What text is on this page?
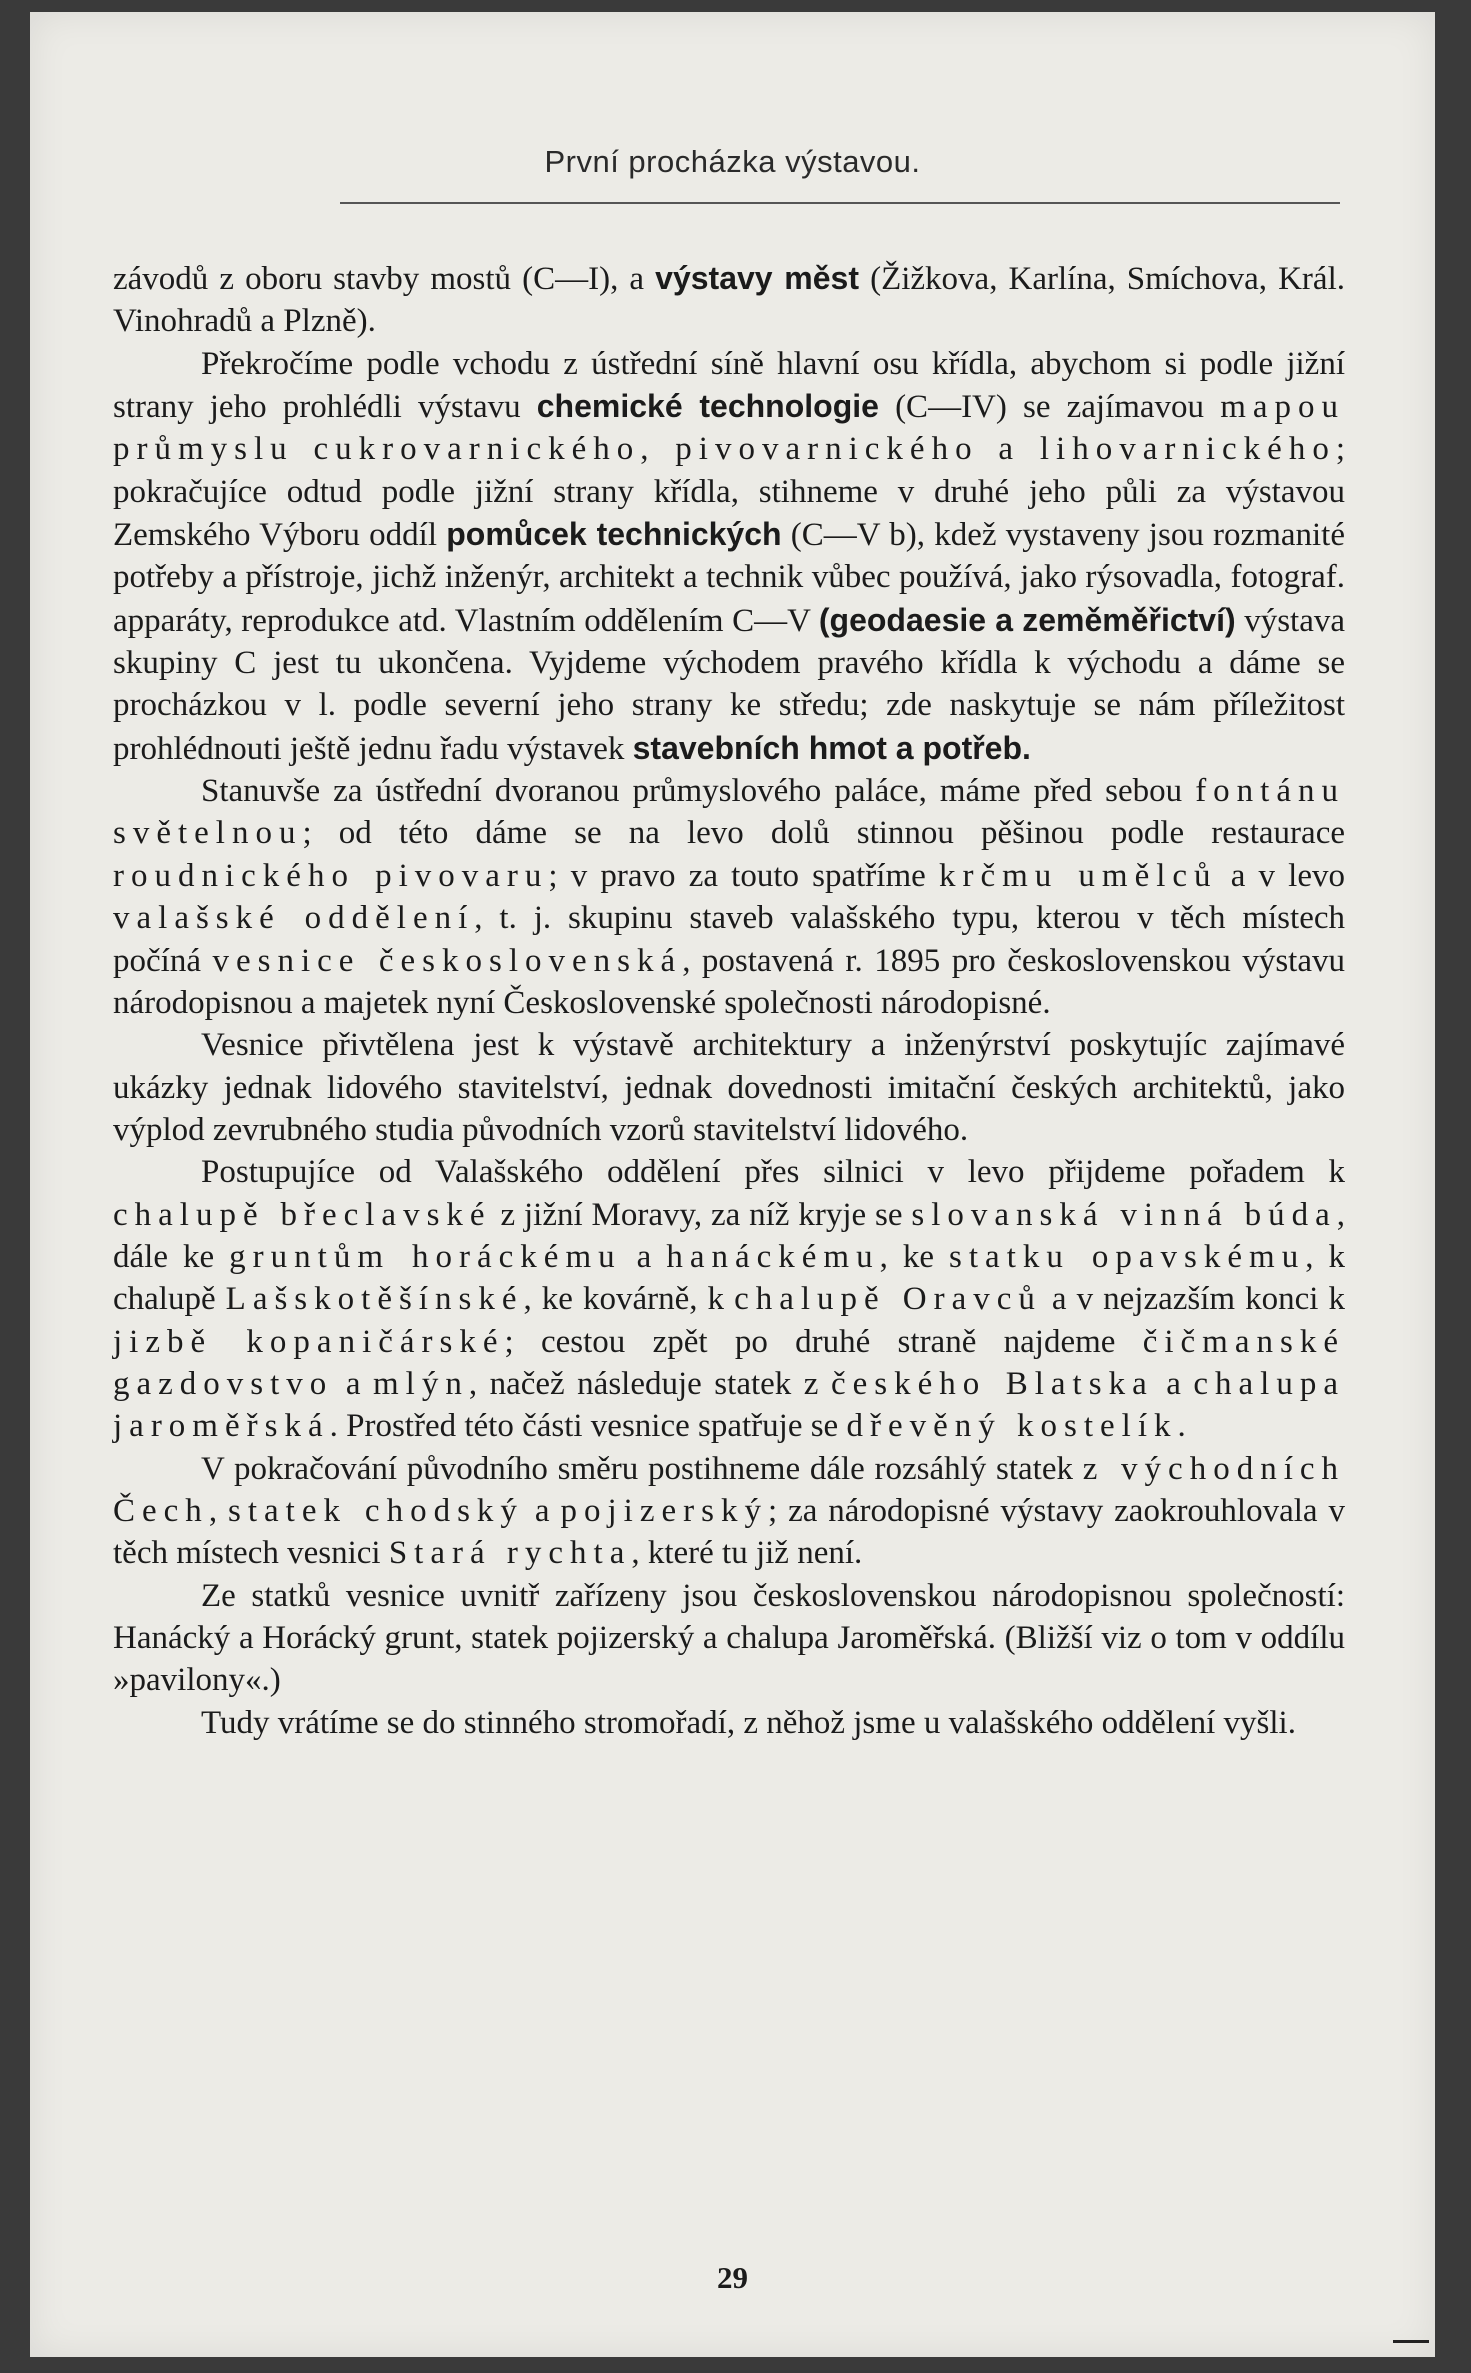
První procházka výstavou.

závodů z oboru stavby mostů (C—I), a výstavy měst (Žižkova, Karlína, Smíchova, Král. Vinohradů a Plzně).

Překročíme podle vchodu z ústřední síně hlavní osu křídla, abychom si podle jižní strany jeho prohlédli výstavu chemické technologie (C—IV) se zajímavou mapou průmyslu cukrovarnického, pivovarnického a lihovarnického; pokračujíce odtud podle jižní strany křídla, stihneme v druhé jeho půli za výstavou Zemského Výboru oddíl pomůcek technických (C—V b), kdež vystaveny jsou rozmanité potřeby a přístroje, jichž inženýr, architekt a technik vůbec používá, jako rýsovadla, fotograf. apparáty, reprodukce atd. Vlastním oddělením C—V (geodaesie a zeměměřictví) výstava skupiny C jest tu ukončena. Vyjdeme východem pravého křídla k východu a dáme se procházkou v l. podle severní jeho strany ke středu; zde naskytuje se nám příležitost prohlédnouti ještě jednu řadu výstavek stavebních hmot a potřeb.

Stanuvše za ústřední dvoranou průmyslového paláce, máme před sebou fontánu světelnou; od této dáme se na levo dolů stinnou pěšinou podle restaurace roudnického pivovaru; v pravo za touto spatříme krčmu umělců a v levo valašské oddělení, t. j. skupinu staveb valašského typu, kterou v těch místech počíná vesnice československá, postavená r. 1895 pro československou výstavu národopisnou a majetek nyní Československé společnosti národopisné.

Vesnice přivtělena jest k výstavě architektury a inženýrství poskytujíc zajímavé ukázky jednak lidového stavitelství, jednak dovednosti imitační českých architektů, jako výplod zevrubného studia původních vzorů stavitelství lidového.

Postupujíce od Valašského oddělení přes silnici v levo přijdeme pořadem k chalupě břeclavské z jižní Moravy, za níž kryje se slovanská vinná búda, dále ke gruntům horáckému a hanáckému, ke statku opavskému, k chalupě Lašskotěšínské, ke kovárně, k chalupě Oravců a v nejzazším konci k jizbě kopaničárské; cestou zpět po druhé straně najdeme čičmanské gazdovstvo a mlýn, načež následuje statek z českého Blatska a chalupa jaroměřská. Prostřed této části vesnice spatřuje se dřevěný kostelík.

V pokračování původního směru postihneme dále rozsáhlý statek z východních Čech, statek chodský a pojizerský; za národopisné výstavy zaokrouhlovala v těch místech vesnici Stará rychta, které tu již není.

Ze statků vesnice uvnitř zařízeny jsou československou národopisnou společností: Hanácký a Horácký grunt, statek pojizerský a chalupa Jaroměřská. (Bližší viz o tom v oddílu »pavilony«.)

Tudy vrátíme se do stinného stromořadí, z něhož jsme u valašského oddělení vyšli.

29
